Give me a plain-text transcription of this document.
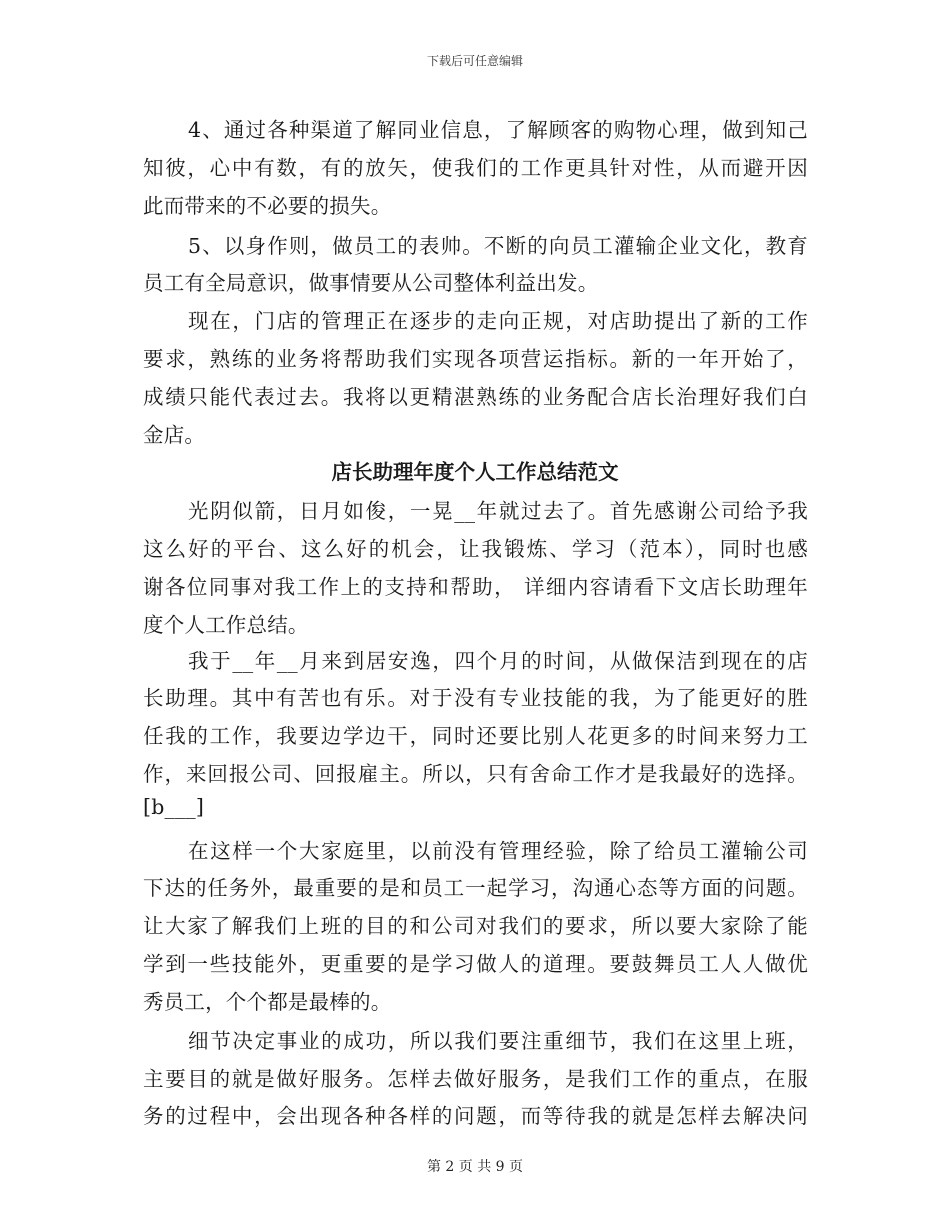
下载后可任意编辑
4、通过各种渠道了解同业信息，了解顾客的购物心理，做到知己
知彼，心中有数，有的放矢，使我们的工作更具针对性，从而避开因
此而带来的不必要的损失。
5、以身作则，做员工的表帅。不断的向员工灌输企业文化，教育
员工有全局意识，做事情要从公司整体利益出发。
现在，门店的管理正在逐步的走向正规，对店助提出了新的工作
要求，熟练的业务将帮助我们实现各项营运指标。新的一年开始了，
成绩只能代表过去。我将以更精湛熟练的业务配合店长治理好我们白
金店。
店长助理年度个人工作总结范文
光阴似箭，日月如俊，一晃__年就过去了。首先感谢公司给予我
这么好的平台、这么好的机会，让我锻炼、学习（范本），同时也感
谢各位同事对我工作上的支持和帮助， 详细内容请看下文店长助理年
度个人工作总结。
我于__年__月来到居安逸，四个月的时间，从做保洁到现在的店
长助理。其中有苦也有乐。对于没有专业技能的我，为了能更好的胜
任我的工作，我要边学边干，同时还要比别人花更多的时间来努力工
作，来回报公司、回报雇主。所以，只有舍命工作才是我最好的选择。
[b___]
在这样一个大家庭里，以前没有管理经验，除了给员工灌输公司
下达的任务外，最重要的是和员工一起学习，沟通心态等方面的问题。
让大家了解我们上班的目的和公司对我们的要求，所以要大家除了能
学到一些技能外，更重要的是学习做人的道理。要鼓舞员工人人做优
秀员工，个个都是最棒的。
细节决定事业的成功，所以我们要注重细节，我们在这里上班，
主要目的就是做好服务。怎样去做好服务，是我们工作的重点，在服
务的过程中，会出现各种各样的问题，而等待我的就是怎样去解决问
第 2 页 共 9 页
